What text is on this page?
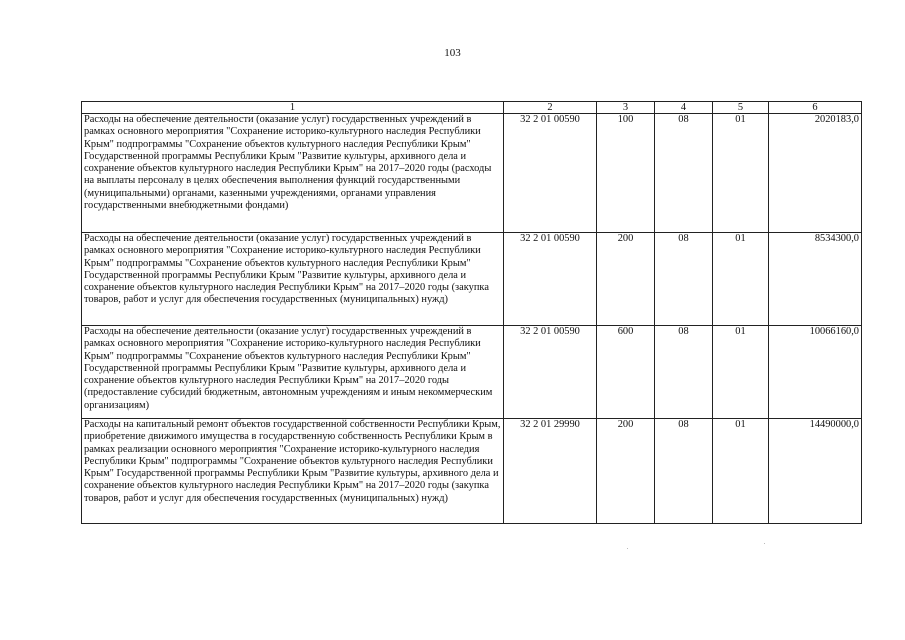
103
1	2	3	4	5	6
Расходы на обеспечение деятельности (оказание услуг) государственных учреждений в рамках основного мероприятия "Сохранение историко-культурного наследия Республики Крым" подпрограммы "Сохранение объектов культурного наследия Республики Крым" Государственной программы Республики Крым "Развитие культуры, архивного дела и сохранение объектов культурного наследия Республики Крым" на 2017–2020 годы (расходы на выплаты персоналу в целях обеспечения выполнения функций государственными (муниципальными) органами, казенными учреждениями, органами управления государственными внебюджетными фондами)	32 2 01 00590	100	08	01	2020183,0
Расходы на обеспечение деятельности (оказание услуг) государственных учреждений в рамках основного мероприятия "Сохранение историко-культурного наследия Республики Крым" подпрограммы "Сохранение объектов культурного наследия Республики Крым" Государственной программы Республики Крым "Развитие культуры, архивного дела и сохранение объектов культурного наследия Республики Крым" на 2017–2020 годы (закупка товаров, работ и услуг для обеспечения государственных (муниципальных) нужд)	32 2 01 00590	200	08	01	8534300,0
Расходы на обеспечение деятельности (оказание услуг) государственных учреждений в рамках основного мероприятия "Сохранение историко-культурного наследия Республики Крым" подпрограммы "Сохранение объектов культурного наследия Республики Крым" Государственной программы Республики Крым "Развитие культуры, архивного дела и сохранение объектов культурного наследия Республики Крым" на 2017–2020 годы (предоставление субсидий бюджетным, автономным учреждениям и иным некоммерческим организациям)	32 2 01 00590	600	08	01	10066160,0
Расходы на капитальный ремонт объектов государственной собственности Республики Крым, приобретение движимого имущества в государственную собственность Республики Крым в рамках реализации основного мероприятия "Сохранение историко-культурного наследия Республики Крым" подпрограммы "Сохранение объектов культурного наследия Республики Крым" Государственной программы Республики Крым "Развитие культуры, архивного дела и сохранение объектов культурного наследия Республики Крым" на 2017–2020 годы (закупка товаров, работ и услуг для обеспечения государственных (муниципальных) нужд)	32 2 01 29990	200	08	01	14490000,0
